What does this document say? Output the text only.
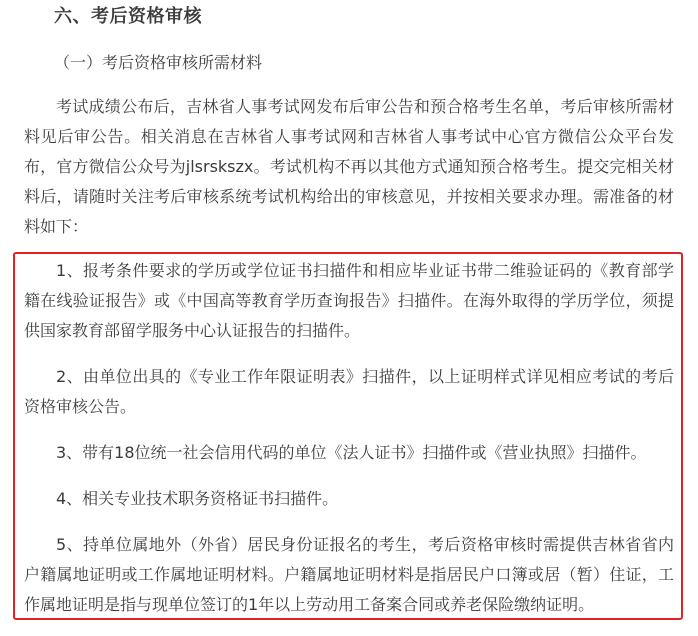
六、考后资格审核
（一）考后资格审核所需材料

考试成绩公布后，吉林省人事考试网发布后审公告和预合格考生名单，考后审核所需材料见后审公告。相关消息在吉林省人事考试网和吉林省人事考试中心官方微信公众平台发布，官方微信公众号为jlsrskszx。考试机构不再以其他方式通知预合格考生。提交完相关材料后，请随时关注考后审核系统考试机构给出的审核意见，并按相关要求办理。需准备的材料如下：

1、报考条件要求的学历或学位证书扫描件和相应毕业证书带二维验证码的《教育部学籍在线验证报告》或《中国高等教育学历查询报告》扫描件。在海外取得的学历学位，须提供国家教育部留学服务中心认证报告的扫描件。

2、由单位出具的《专业工作年限证明表》扫描件，以上证明样式详见相应考试的考后资格审核公告。

3、带有18位统一社会信用代码的单位《法人证书》扫描件或《营业执照》扫描件。

4、相关专业技术职务资格证书扫描件。

5、持单位属地外（外省）居民身份证报名的考生，考后资格审核时需提供吉林省省内户籍属地证明或工作属地证明材料。户籍属地证明材料是指居民户口簿或居（暂）住证，工作属地证明是指与现单位签订的1年以上劳动用工备案合同或养老保险缴纳证明。
